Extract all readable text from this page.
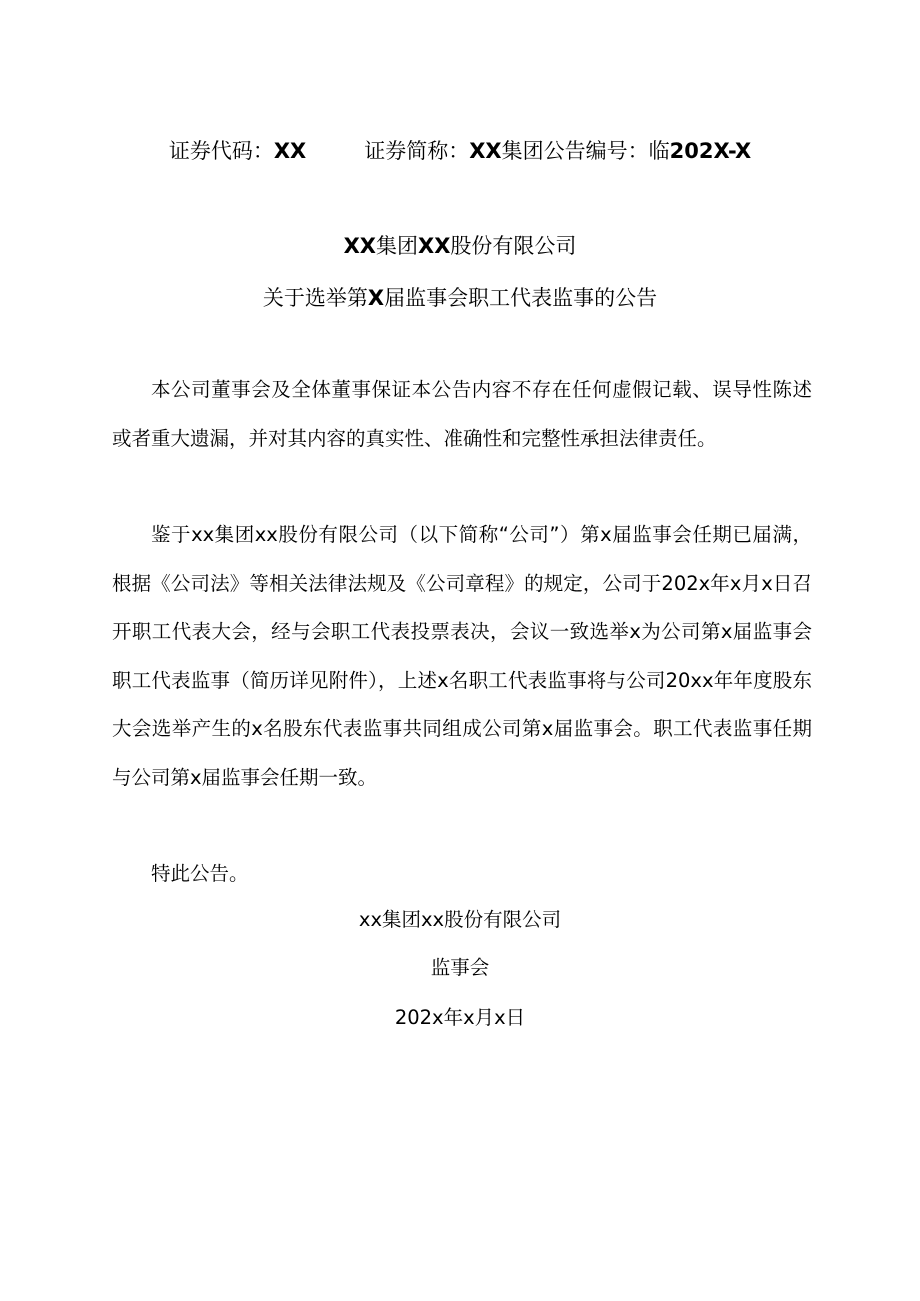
证券代码：XX	证券简称：XX集团公告编号：临202X-X
XX集团XX股份有限公司
关于选举第X届监事会职工代表监事的公告

本公司董事会及全体董事保证本公告内容不存在任何虚假记载、误导性陈述或者重大遗漏，并对其内容的真实性、准确性和完整性承担法律责任。

鉴于xx集团xx股份有限公司（以下简称“公司”）第x届监事会任期已届满，根据《公司法》等相关法律法规及《公司章程》的规定，公司于202x年x月x日召开职工代表大会，经与会职工代表投票表决，会议一致选举x为公司第x届监事会职工代表监事（简历详见附件），上述x名职工代表监事将与公司20xx年年度股东大会选举产生的x名股东代表监事共同组成公司第x届监事会。职工代表监事任期与公司第x届监事会任期一致。

特此公告。

xx集团xx股份有限公司
监事会
202x年x月x日
